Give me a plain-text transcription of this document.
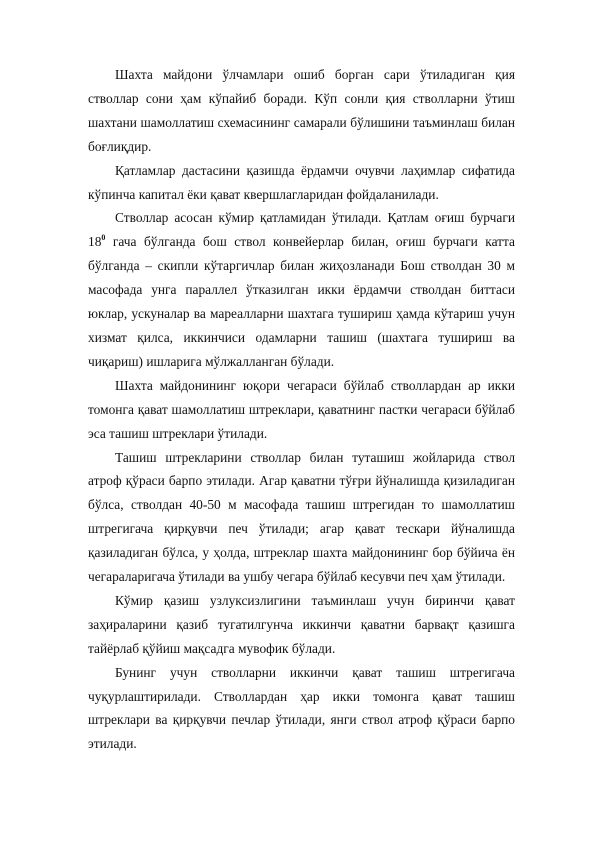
Шахта майдони ўлчамлари ошиб борган сари ўтиладиган қия стволлар сони ҳам кўпайиб боради. Кўп сонли қия стволларни ўтиш шахтани шамоллатиш схемасининг самарали бўлишини таъминлаш билан боғлиқдир.

Қатламлар дастасини қазишда ёрдамчи очувчи лаҳимлар сифатида кўпинча капитал ёки қават квершлагларидан фойдаланилади.

Стволлар асосан кўмир қатламидан ўтилади. Қатлам оғиш бурчаги $18^0$ гача бўлганда бош ствол конвейерлар билан, оғиш бурчаги катта бўлганда – скипли кўтаргичлар билан жиҳозланади Бош стволдан 30 м масофада унга параллел ўтказилган икки ёрдамчи стволдан биттаси юклар, ускуналар ва мареалларни шахтага тушириш ҳамда кўтариш учун хизмат қилса, иккинчиси одамларни ташиш (шахтага тушириш ва чиқариш) ишларига мўлжалланган бўлади.

Шахта майдонининг юқори чегараси бўйлаб стволлардан ар икки томонга қават шамоллатиш штреклари, қаватнинг пастки чегараси бўйлаб эса ташиш штреклари ўтилади.

Ташиш штрекларини стволлар билан туташиш жойларида ствол атроф қўраси барпо этилади. Агар қаватни тўғри йўналишда қизиладиган бўлса, стволдан 40-50 м масофада ташиш штрегидан то шамоллатиш штрегигача қирқувчи печ ўтилади; агар қават тескари йўналишда қазиладиган бўлса, у ҳолда, штреклар шахта майдонининг бор бўйича ён чегараларигача ўтилади ва ушбу чегара бўйлаб кесувчи печ ҳам ўтилади.

Кўмир қазиш узлуксизлигини таъминлаш учун биринчи қават заҳираларини қазиб тугатилгунча иккинчи қаватни барвақт қазишга тайёрлаб қўйиш мақсадга мувофик бўлади.

Бунинг учун стволларни иккинчи қават ташиш штрегигача чуқурлаштирилади. Стволлардан ҳар икки томонга қават ташиш штреклари ва қирқувчи печлар ўтилади, янги ствол атроф қўраси барпо этилади.
